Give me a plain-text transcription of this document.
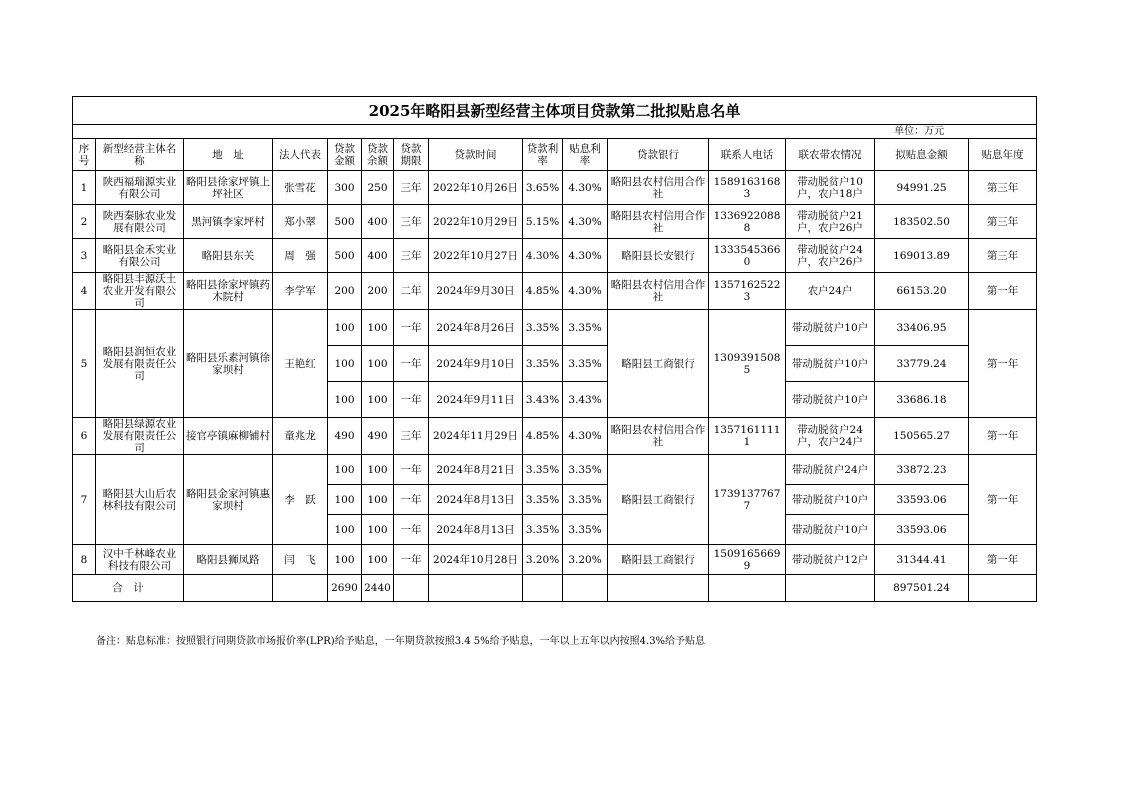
2025年略阳县新型经营主体项目贷款第二批拟贴息名单														
单位：万元														
序号	新型经营主体名称	地　址	法人代表	贷款金额	贷款余额	贷款期限	贷款时间	贷款利率	贴息利率	贷款银行	联系人电话	联农带农情况	拟贴息金额	贴息年度
1	陕西福瑞源实业有限公司	略阳县徐家坪镇上坪社区	张雪花	300	250	三年	2022年10月26日	3.65%	4.30%	略阳县农村信用合作社	15891631683	带动脱贫户10户，农户18户	94991.25	第三年
2	陕西秦脉农业发展有限公司	黑河镇李家坪村	郑小翠	500	400	三年	2022年10月29日	5.15%	4.30%	略阳县农村信用合作社	13369220888	带动脱贫户21户，农户26户	183502.50	第三年
3	略阳县金禾实业有限公司	略阳县东关	周　强	500	400	三年	2022年10月27日	4.30%	4.30%	略阳县长安银行	13335453660	带动脱贫户24户，农户26户	169013.89	第三年
4	略阳县丰源沃土农业开发有限公司	略阳县徐家坪镇药木院村	李学军	200	200	二年	2024年9月30日	4.85%	4.30%	略阳县农村信用合作社	13571625223	农户24户	66153.20	第一年
5	略阳县润恒农业发展有限责任公司	略阳县乐素河镇徐家坝村	王艳红	100	100	一年	2024年8月26日	3.35%	3.35%	略阳县工商银行	13093915085	带动脱贫户10户	33406.95	第一年
				100	100	一年	2024年9月10日	3.35%	3.35%			带动脱贫户10户	33779.24	
				100	100	一年	2024年9月11日	3.43%	3.43%			带动脱贫户10户	33686.18	
6	略阳县绿源农业发展有限责任公司	接官亭镇麻柳铺村	童兆龙	490	490	三年	2024年11月29日	4.85%	4.30%	略阳县农村信用合作社	13571611111	带动脱贫户24户，农户24户	150565.27	第一年
7	略阳县大山后农林科技有限公司	略阳县金家河镇惠家坝村	李　跃	100	100	一年	2024年8月21日	3.35%	3.35%	略阳县工商银行	17391377677	带动脱贫户24户	33872.23	第一年
				100	100	一年	2024年8月13日	3.35%	3.35%			带动脱贫户10户	33593.06	
				100	100	一年	2024年8月13日	3.35%	3.35%			带动脱贫户10户	33593.06	
8	汉中千林峰农业科技有限公司	略阳县狮凤路	闫　飞	100	100	一年	2024年10月28日	3.20%	3.20%	略阳县工商银行	15091656699	带动脱贫户12户	31344.41	第一年
合　计				2690	2440								897501.24	
备注：贴息标准：按照银行同期贷款市场报价率(LPR)给予贴息，一年期贷款按照3.4 5%给予贴息，一年以上五年以内按照4.3%给予贴息
